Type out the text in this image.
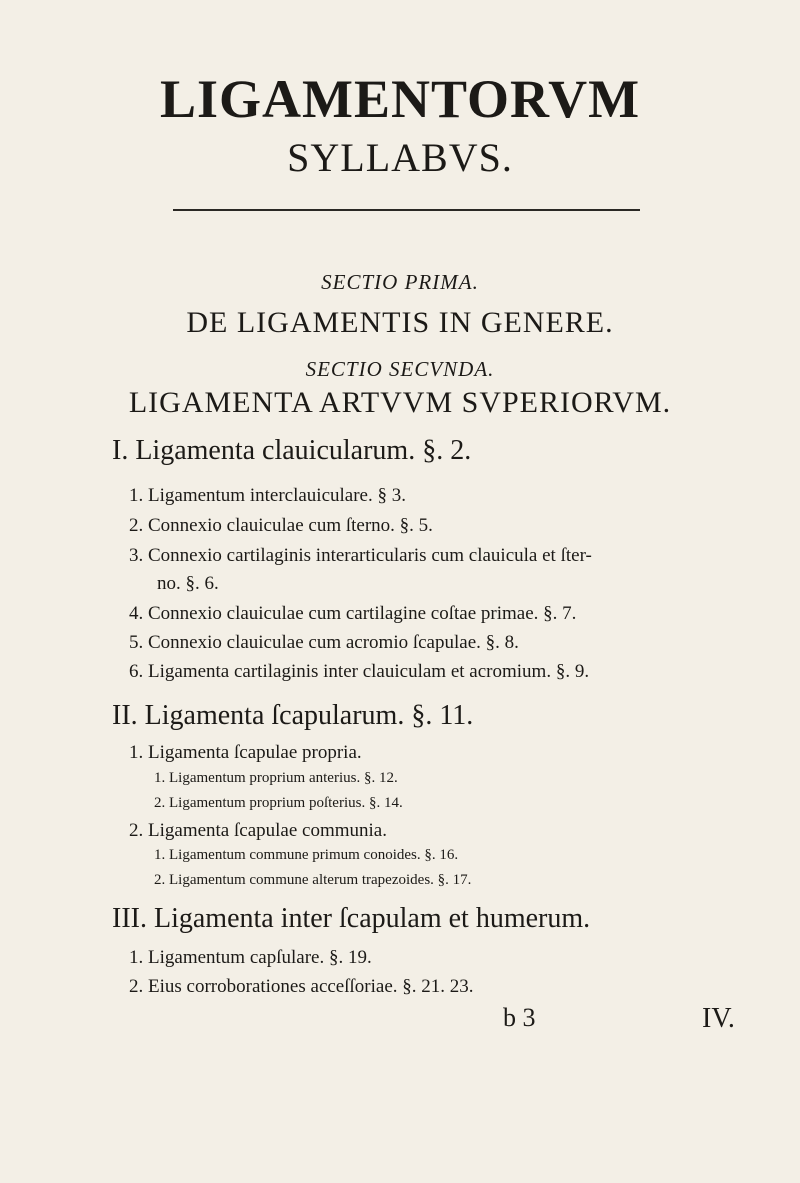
LIGAMENTORVM
SYLLABVS.
SECTIO PRIMA.
DE LIGAMENTIS IN GENERE.
SECTIO SECVNDA.
LIGAMENTA ARTVVM SVPERIORVM.
I. Ligamenta clauicularum. §. 2.
1. Ligamentum interclauiculare. § 3.
2. Connexio clauiculae cum ſterno. §. 5.
3. Connexio cartilaginis interarticularis cum clauicula et ſter-
no. §. 6.
4. Connexio clauiculae cum cartilagine coſtae primae. §. 7.
5. Connexio clauiculae cum acromio ſcapulae. §. 8.
6. Ligamenta cartilaginis inter clauiculam et acromium. §. 9.
II. Ligamenta ſcapularum. §. 11.
1. Ligamenta ſcapulae propria.
1. Ligamentum proprium anterius. §. 12.
2. Ligamentum proprium poſterius. §. 14.
2. Ligamenta ſcapulae communia.
1. Ligamentum commune primum conoides. §. 16.
2. Ligamentum commune alterum trapezoides. §. 17.
III. Ligamenta inter ſcapulam et humerum.
1. Ligamentum capſulare. §. 19.
2. Eius corroborationes acceſſoriae. §. 21. 23.
b 3	IV.
